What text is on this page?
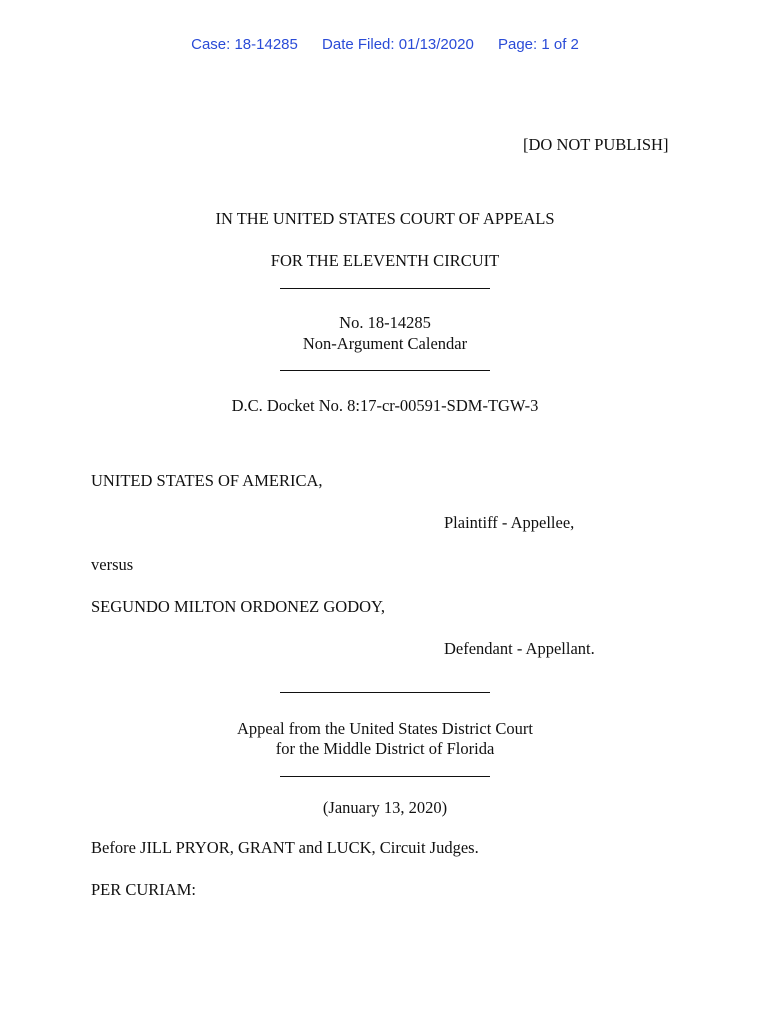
Case: 18-14285 Date Filed: 01/13/2020 Page: 1 of 2
[DO NOT PUBLISH]
IN THE UNITED STATES COURT OF APPEALS
FOR THE ELEVENTH CIRCUIT
No. 18-14285
Non-Argument Calendar
D.C. Docket No. 8:17-cr-00591-SDM-TGW-3
UNITED STATES OF AMERICA,
Plaintiff - Appellee,
versus
SEGUNDO MILTON ORDONEZ GODOY,
Defendant - Appellant.
Appeal from the United States District Court
for the Middle District of Florida
(January 13, 2020)
Before JILL PRYOR, GRANT and LUCK, Circuit Judges.
PER CURIAM:
